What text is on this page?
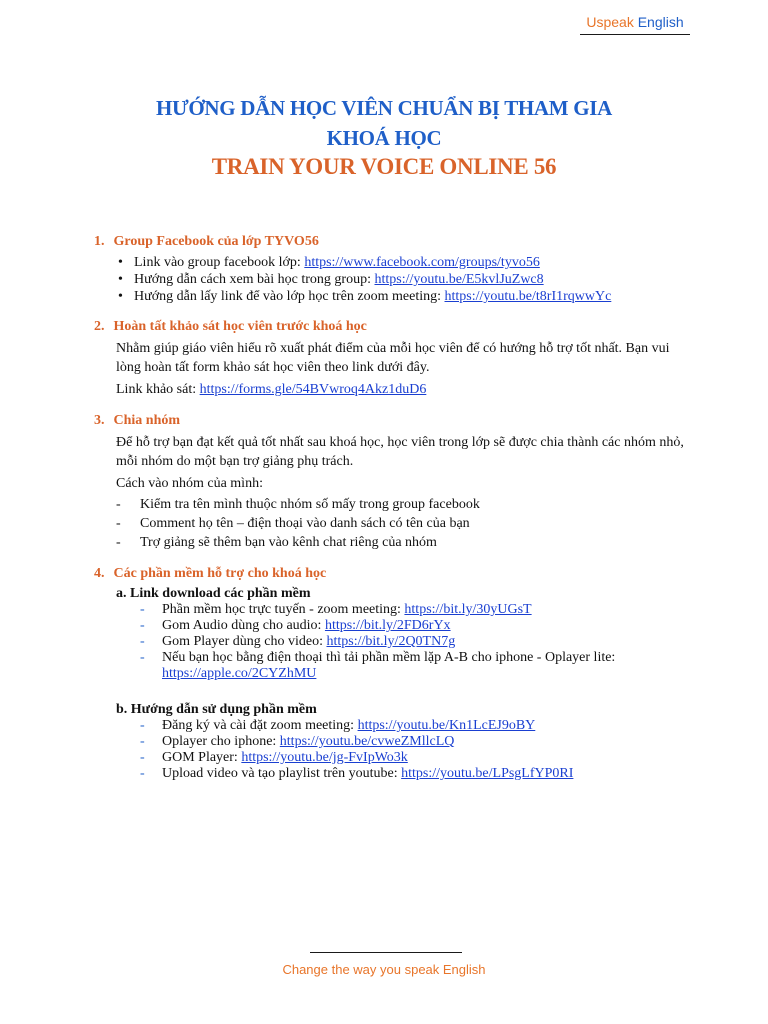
Uspeak English
HƯỚNG DẪN HỌC VIÊN CHUẨN BỊ THAM GIA
KHOÁ HỌC
TRAIN YOUR VOICE ONLINE 56
1. Group Facebook của lớp TYVO56
• Link vào group facebook lớp: https://www.facebook.com/groups/tyvo56
• Hướng dẫn cách xem bài học trong group: https://youtu.be/E5kvlJuZwc8
• Hướng dẫn lấy link để vào lớp học trên zoom meeting: https://youtu.be/t8rI1rqwwYc
2. Hoàn tất khảo sát học viên trước khoá học
Nhằm giúp giáo viên hiểu rõ xuất phát điểm của mỗi học viên để có hướng hỗ trợ tốt nhất. Bạn vui lòng hoàn tất form khảo sát học viên theo link dưới đây.
Link khảo sát: https://forms.gle/54BVwroq4Akz1duD6
3. Chia nhóm
Để hỗ trợ bạn đạt kết quả tốt nhất sau khoá học, học viên trong lớp sẽ được chia thành các nhóm nhỏ, mỗi nhóm do một bạn trợ giảng phụ trách.
Cách vào nhóm của mình:
- Kiểm tra tên mình thuộc nhóm số mấy trong group facebook
- Comment họ tên – điện thoại vào danh sách có tên của bạn
- Trợ giảng sẽ thêm bạn vào kênh chat riêng của nhóm
4. Các phần mềm hỗ trợ cho khoá học
a. Link download các phần mềm
- Phần mềm học trực tuyến - zoom meeting: https://bit.ly/30yUGsT
- Gom Audio dùng cho audio: https://bit.ly/2FD6rYx
- Gom Player dùng cho video: https://bit.ly/2Q0TN7g
- Nếu bạn học bằng điện thoại thì tải phần mềm lặp A-B cho iphone - Oplayer lite: https://apple.co/2CYZhMU
b. Hướng dẫn sử dụng phần mềm
- Đăng ký và cài đặt zoom meeting: https://youtu.be/Kn1LcEJ9oBY
- Oplayer cho iphone: https://youtu.be/cvweZMllcLQ
- GOM Player: https://youtu.be/jg-FvIpWo3k
- Upload video và tạo playlist trên youtube: https://youtu.be/LPsgLfYP0RI
Change the way you speak English
